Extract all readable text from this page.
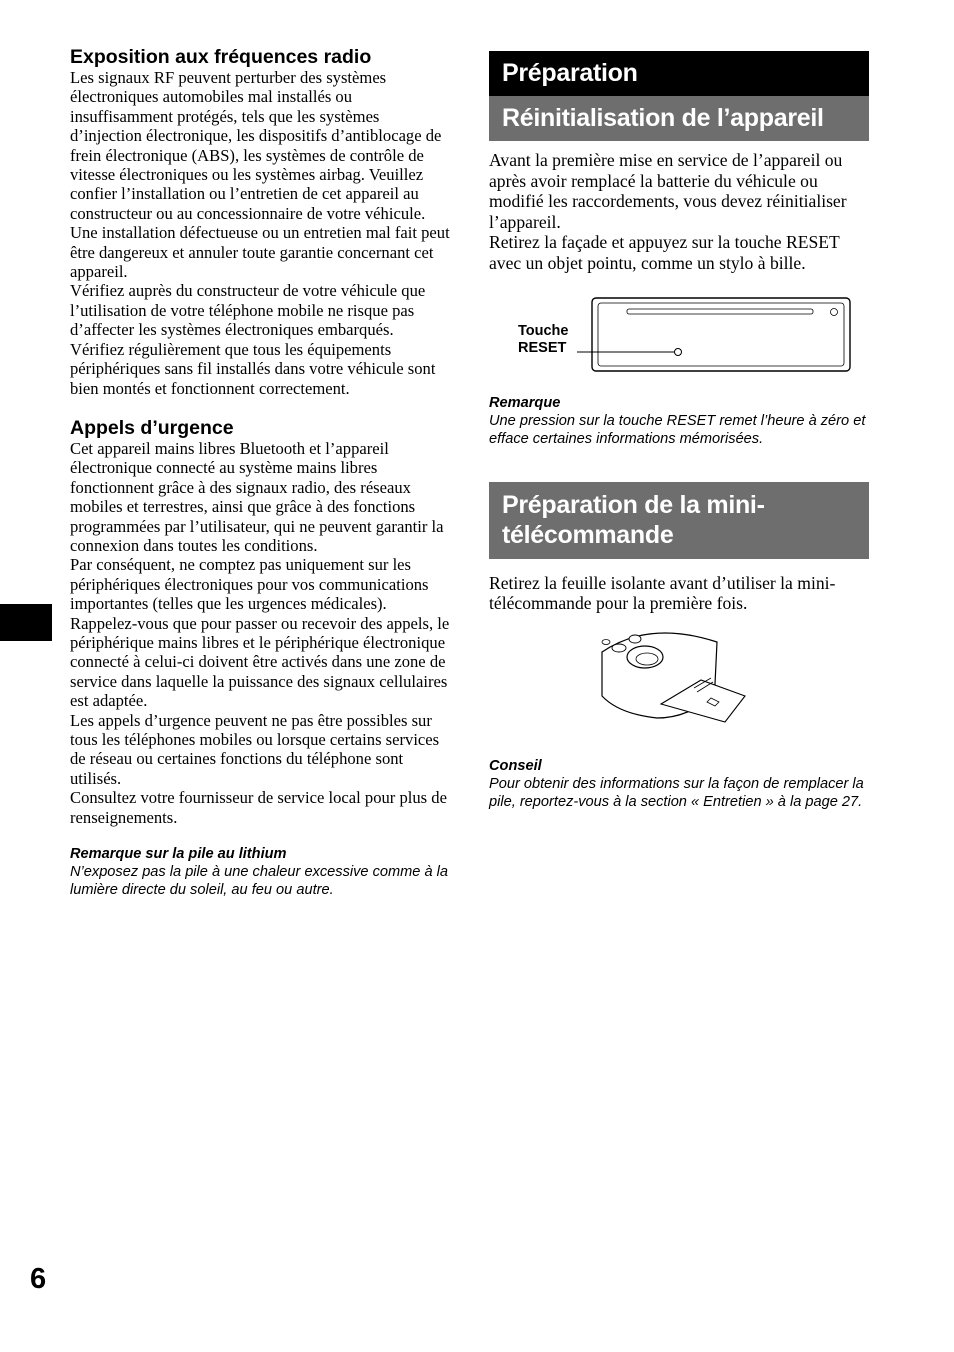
Exposition aux fréquences radio

Les signaux RF peuvent perturber des systèmes électroniques automobiles mal installés ou insuffisamment protégés, tels que les systèmes d’injection électronique, les dispositifs d’antiblocage de frein électronique (ABS), les systèmes de contrôle de vitesse électroniques ou les systèmes airbag. Veuillez confier l’installation ou l’entretien de cet appareil au constructeur ou au concessionnaire de votre véhicule. Une installation défectueuse ou un entretien mal fait peut être dangereux et annuler toute garantie concernant cet appareil.

Vérifiez auprès du constructeur de votre véhicule que l’utilisation de votre téléphone mobile ne risque pas d’affecter les systèmes électroniques embarqués.

Vérifiez régulièrement que tous les équipements périphériques sans fil installés dans votre véhicule sont bien montés et fonctionnent correctement.

Appels d’urgence

Cet appareil mains libres Bluetooth et l’appareil électronique connecté au système mains libres fonctionnent grâce à des signaux radio, des réseaux mobiles et terrestres, ainsi que grâce à des fonctions programmées par l’utilisateur, qui ne peuvent garantir la connexion dans toutes les conditions.

Par conséquent, ne comptez pas uniquement sur les périphériques électroniques pour vos communications importantes (telles que les urgences médicales).

Rappelez-vous que pour passer ou recevoir des appels, le périphérique mains libres et le périphérique électronique connecté à celui-ci doivent être activés dans une zone de service dans laquelle la puissance des signaux cellulaires est adaptée.

Les appels d’urgence peuvent ne pas être possibles sur tous les téléphones mobiles ou lorsque certains services de réseau ou certaines fonctions du téléphone sont utilisés.

Consultez votre fournisseur de service local pour plus de renseignements.

Remarque sur la pile au lithium

N’exposez pas la pile à une chaleur excessive comme à la lumière directe du soleil, au feu ou autre.

Préparation
Réinitialisation de l’appareil

Avant la première mise en service de l’appareil ou après avoir remplacé la batterie du véhicule ou modifié les raccordements, vous devez réinitialiser l’appareil.

Retirez la façade et appuyez sur la touche RESET avec un objet pointu, comme un stylo à bille.

Touche
RESET

Remarque

Une pression sur la touche RESET remet l’heure à zéro et efface certaines informations mémorisées.

Préparation de la mini-
télécommande

Retirez la feuille isolante avant d’utiliser la mini-télécommande pour la première fois.

Conseil

Pour obtenir des informations sur la façon de remplacer la pile, reportez-vous à la section « Entretien » à la page 27.

6
